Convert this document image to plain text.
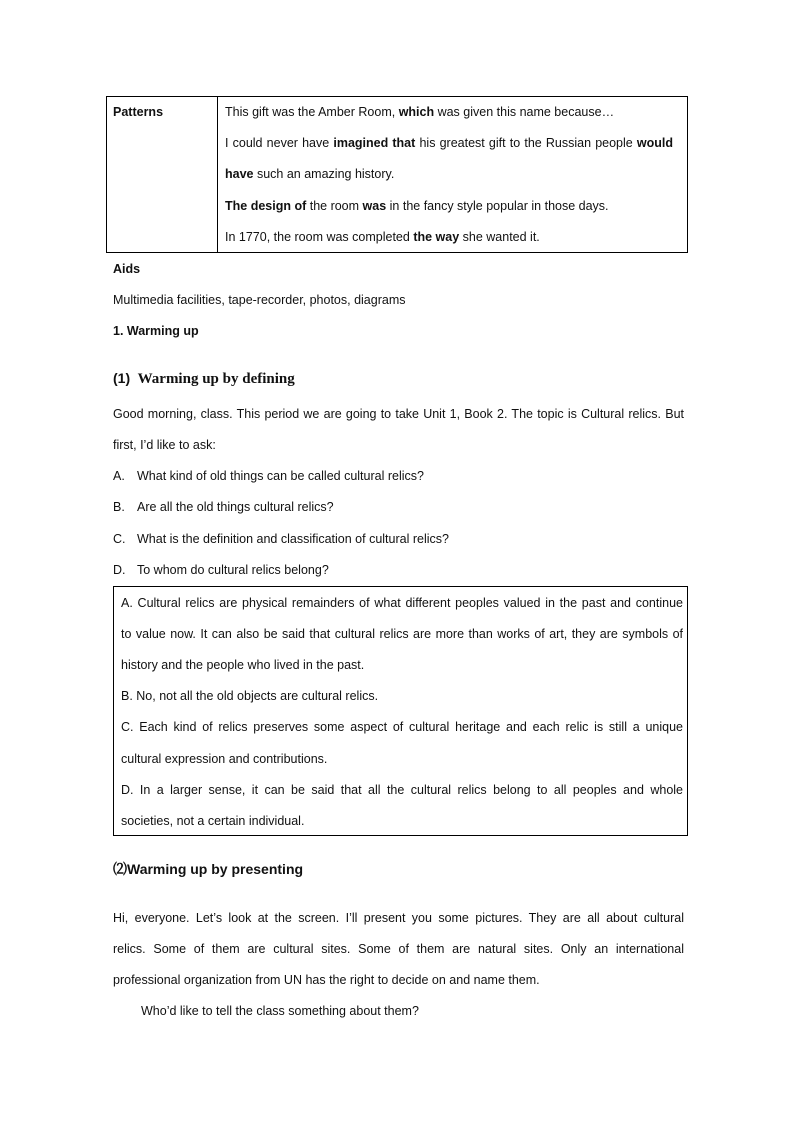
Patterns	This gift was the Amber Room, which was given this name because…
I could never have imagined that his greatest gift to the Russian people would
have such an amazing history.
The design of the room was in the fancy style popular in those days.
In 1770, the room was completed the way she wanted it.
Aids
Multimedia facilities, tape-recorder, photos, diagrams
1. Warming up
(1) Warming up by defining
Good morning, class. This period we are going to take Unit 1, Book 2. The topic is Cultural relics. But
first, I’d like to ask:
A. What kind of old things can be called cultural relics?
B. Are all the old things cultural relics?
C. What is the definition and classification of cultural relics?
D. To whom do cultural relics belong?
A. Cultural relics are physical remainders of what different peoples valued in the past and continue
to value now. It can also be said that cultural relics are more than works of art, they are symbols of
history and the people who lived in the past.
B. No, not all the old objects are cultural relics.
C. Each kind of relics preserves some aspect of cultural heritage and each relic is still a unique
cultural expression and contributions.
D. In a larger sense, it can be said that all the cultural relics belong to all peoples and whole
societies, not a certain individual.
⑵Warming up by presenting
Hi, everyone. Let’s look at the screen. I’ll present you some pictures. They are all about cultural
relics. Some of them are cultural sites. Some of them are natural sites. Only an international
professional organization from UN has the right to decide on and name them.
Who’d like to tell the class something about them?
